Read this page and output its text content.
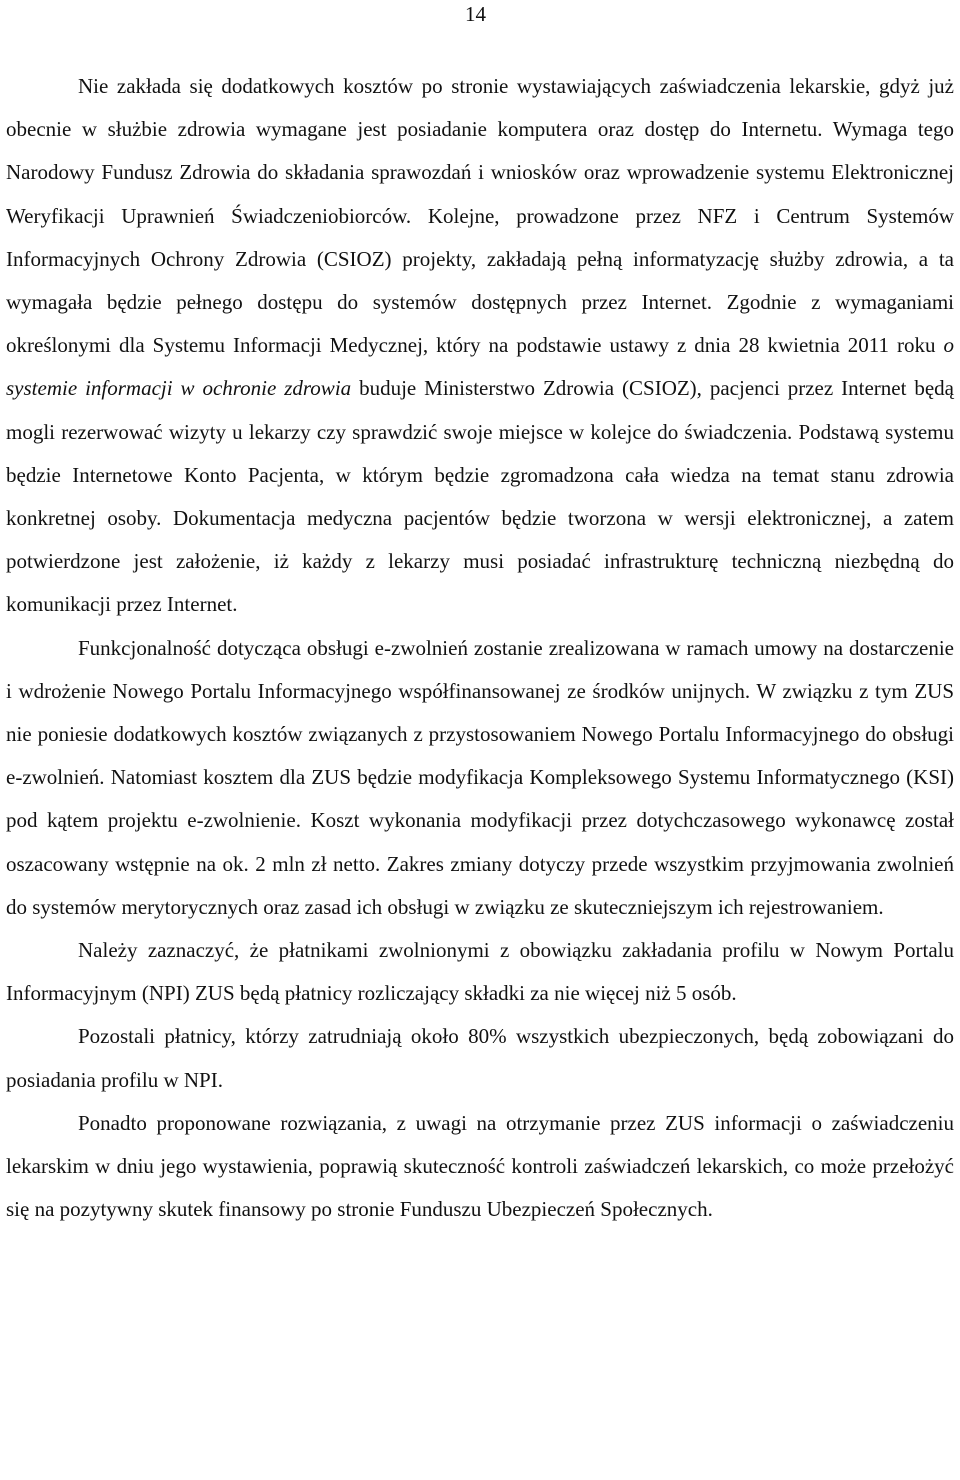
14

Nie zakłada się dodatkowych kosztów po stronie wystawiających zaświadczenia lekarskie, gdyż już obecnie w służbie zdrowia wymagane jest posiadanie komputera oraz dostęp do Internetu. Wymaga tego Narodowy Fundusz Zdrowia do składania sprawozdań i wniosków oraz wprowadzenie systemu Elektronicznej Weryfikacji Uprawnień Świadczeniobiorców. Kolejne, prowadzone przez NFZ i Centrum Systemów Informacyjnych Ochrony Zdrowia (CSIOZ) projekty, zakładają pełną informatyzację służby zdrowia, a ta wymagała będzie pełnego dostępu do systemów dostępnych przez Internet. Zgodnie z wymaganiami określonymi dla Systemu Informacji Medycznej, który na podstawie ustawy z dnia 28 kwietnia 2011 roku o systemie informacji w ochronie zdrowia buduje Ministerstwo Zdrowia (CSIOZ), pacjenci przez Internet będą mogli rezerwować wizyty u lekarzy czy sprawdzić swoje miejsce w kolejce do świadczenia. Podstawą systemu będzie Internetowe Konto Pacjenta, w którym będzie zgromadzona cała wiedza na temat stanu zdrowia konkretnej osoby. Dokumentacja medyczna pacjentów będzie tworzona w wersji elektronicznej, a zatem potwierdzone jest założenie, iż każdy z lekarzy musi posiadać infrastrukturę techniczną niezbędną do komunikacji przez Internet.

Funkcjonalność dotycząca obsługi e-zwolnień zostanie zrealizowana w ramach umowy na dostarczenie i wdrożenie Nowego Portalu Informacyjnego współfinansowanej ze środków unijnych. W związku z tym ZUS nie poniesie dodatkowych kosztów związanych z przystosowaniem Nowego Portalu Informacyjnego do obsługi e-zwolnień. Natomiast kosztem dla ZUS będzie modyfikacja Kompleksowego Systemu Informatycznego (KSI) pod kątem projektu e-zwolnienie. Koszt wykonania modyfikacji przez dotychczasowego wykonawcę został oszacowany wstępnie na ok. 2 mln zł netto. Zakres zmiany dotyczy przede wszystkim przyjmowania zwolnień do systemów merytorycznych oraz zasad ich obsługi w związku ze skuteczniejszym ich rejestrowaniem.

Należy zaznaczyć, że płatnikami zwolnionymi z obowiązku zakładania profilu w Nowym Portalu Informacyjnym (NPI) ZUS będą płatnicy rozliczający składki za nie więcej niż 5 osób.

Pozostali płatnicy, którzy zatrudniają około 80% wszystkich ubezpieczonych, będą zobowiązani do posiadania profilu w NPI.

Ponadto proponowane rozwiązania, z uwagi na otrzymanie przez ZUS informacji o zaświadczeniu lekarskim w dniu jego wystawienia, poprawią skuteczność kontroli zaświadczeń lekarskich, co może przełożyć się na pozytywny skutek finansowy po stronie Funduszu Ubezpieczeń Społecznych.
